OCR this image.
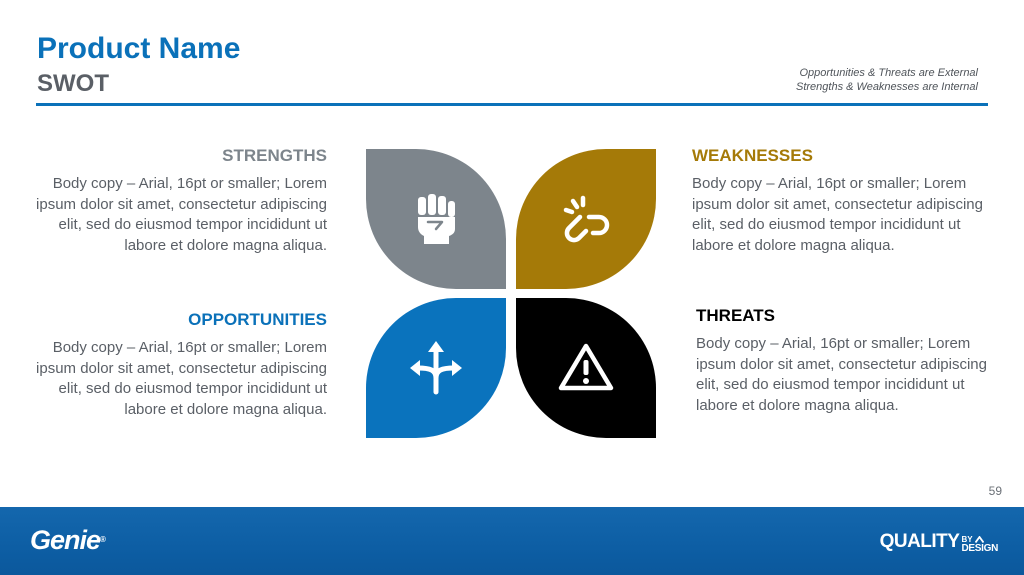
Product Name
SWOT	Opportunities & Threats are External
Strengths & Weaknesses are Internal
STRENGTHS
Body copy – Arial, 16pt or smaller; Lorem ipsum dolor sit amet, consectetur adipiscing elit, sed do eiusmod tempor incididunt ut labore et dolore magna aliqua.
WEAKNESSES
Body copy – Arial, 16pt or smaller; Lorem ipsum dolor sit amet, consectetur adipiscing elit, sed do eiusmod tempor incididunt ut labore et dolore magna aliqua.
OPPORTUNITIES
Body copy – Arial, 16pt or smaller; Lorem ipsum dolor sit amet, consectetur adipiscing elit, sed do eiusmod tempor incididunt ut labore et dolore magna aliqua.
THREATS
Body copy – Arial, 16pt or smaller; Lorem ipsum dolor sit amet, consectetur adipiscing elit, sed do eiusmod tempor incididunt ut labore et dolore magna aliqua.
59
Genie®	QUALITY BY
DESIGN
